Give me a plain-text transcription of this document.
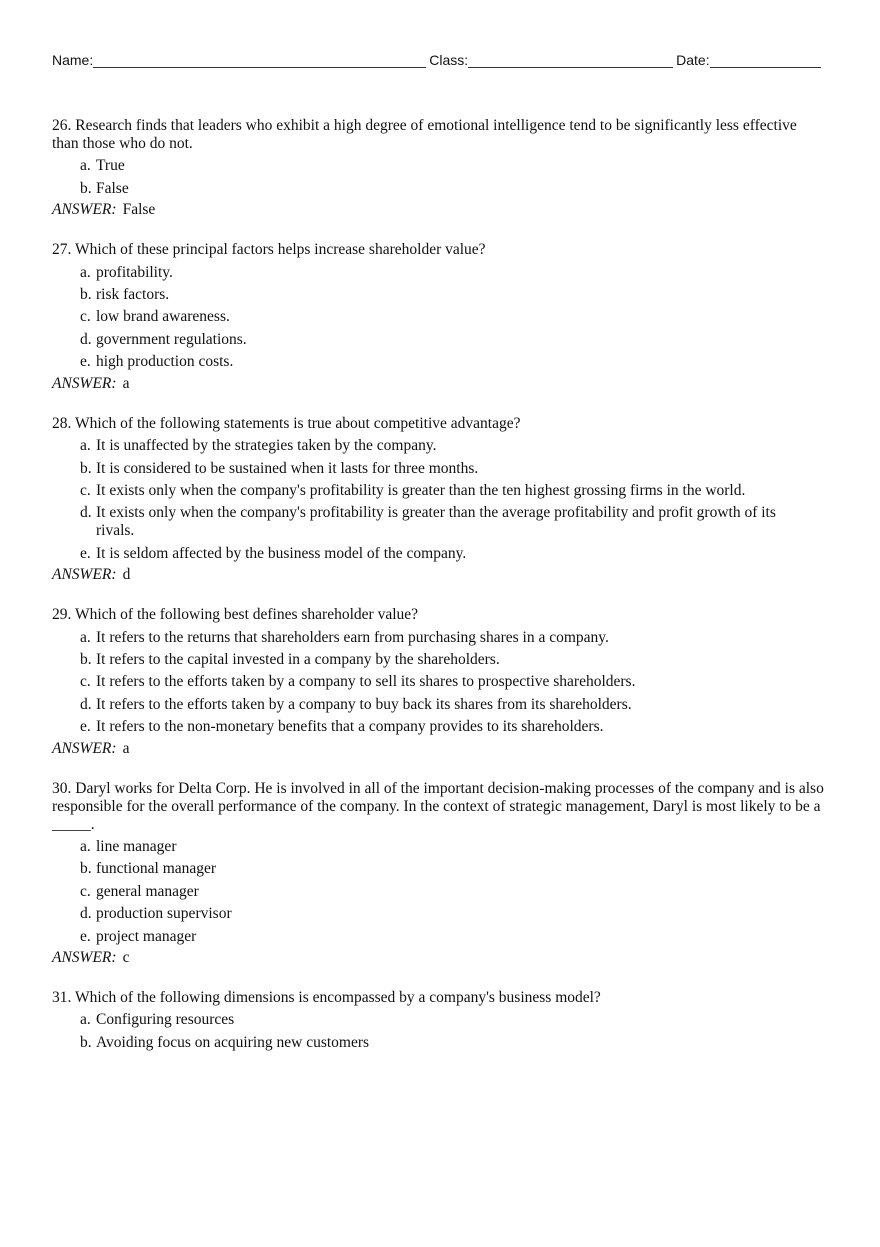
Name:	Class:	Date:
26. Research finds that leaders who exhibit a high degree of emotional intelligence tend to be significantly less effective than those who do not.
a. True
b. False
ANSWER: False
27. Which of these principal factors helps increase shareholder value?
a. profitability.
b. risk factors.
c. low brand awareness.
d. government regulations.
e. high production costs.
ANSWER: a
28. Which of the following statements is true about competitive advantage?
a. It is unaffected by the strategies taken by the company.
b. It is considered to be sustained when it lasts for three months.
c. It exists only when the company's profitability is greater than the ten highest grossing firms in the world.
d. It exists only when the company's profitability is greater than the average profitability and profit growth of its rivals.
e. It is seldom affected by the business model of the company.
ANSWER: d
29. Which of the following best defines shareholder value?
a. It refers to the returns that shareholders earn from purchasing shares in a company.
b. It refers to the capital invested in a company by the shareholders.
c. It refers to the efforts taken by a company to sell its shares to prospective shareholders.
d. It refers to the efforts taken by a company to buy back its shares from its shareholders.
e. It refers to the non-monetary benefits that a company provides to its shareholders.
ANSWER: a
30. Daryl works for Delta Corp. He is involved in all of the important decision-making processes of the company and is also responsible for the overall performance of the company. In the context of strategic management, Daryl is most likely to be a _____.
a. line manager
b. functional manager
c. general manager
d. production supervisor
e. project manager
ANSWER: c
31. Which of the following dimensions is encompassed by a company's business model?
a. Configuring resources
b. Avoiding focus on acquiring new customers
